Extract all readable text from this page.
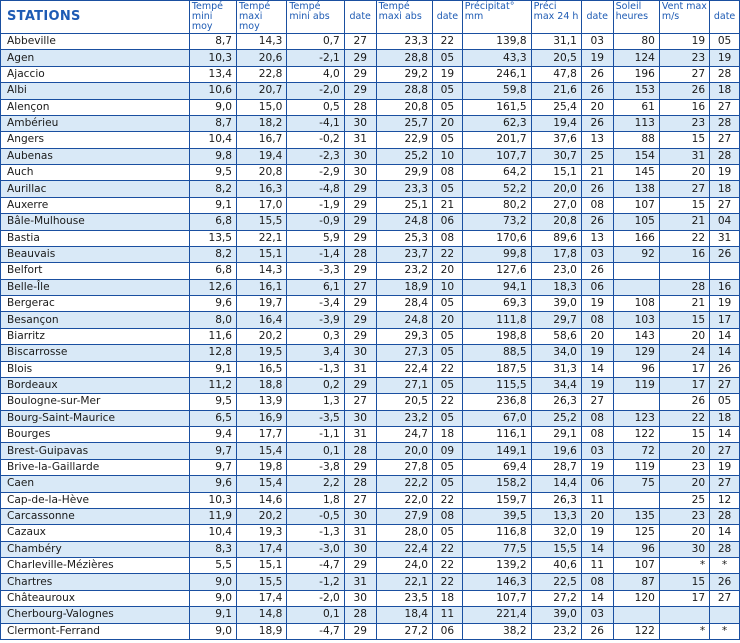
STATIONS	Tempé mini moy	Tempé maxi moy	Tempé mini abs	date	Tempé maxi abs	date	Précipitat° mm	Préci max 24 h	date	Soleil heures	Vent max m/s	date
Abbeville	8,7	14,3	0,7	27	23,3	22	139,8	31,1	03	80	19	05
Agen	10,3	20,6	-2,1	29	28,8	05	43,3	20,5	19	124	23	19
Ajaccio	13,4	22,8	4,0	29	29,2	19	246,1	47,8	26	196	27	28
Albi	10,6	20,7	-2,0	29	28,8	05	59,8	21,6	26	153	26	18
Alençon	9,0	15,0	0,5	28	20,8	05	161,5	25,4	20	61	16	27
Ambérieu	8,7	18,2	-4,1	30	25,7	20	62,3	19,4	26	113	23	28
Angers	10,4	16,7	-0,2	31	22,9	05	201,7	37,6	13	88	15	27
Aubenas	9,8	19,4	-2,3	30	25,2	10	107,7	30,7	25	154	31	28
Auch	9,5	20,8	-2,9	30	29,9	08	64,2	15,1	21	145	20	19
Aurillac	8,2	16,3	-4,8	29	23,3	05	52,2	20,0	26	138	27	18
Auxerre	9,1	17,0	-1,9	29	25,1	21	80,2	27,0	08	107	15	27
Bâle-Mulhouse	6,8	15,5	-0,9	29	24,8	06	73,2	20,8	26	105	21	04
Bastia	13,5	22,1	5,9	29	25,3	08	170,6	89,6	13	166	22	31
Beauvais	8,2	15,1	-1,4	28	23,7	22	99,8	17,8	03	92	16	26
Belfort	6,8	14,3	-3,3	29	23,2	20	127,6	23,0	26			
Belle-Île	12,6	16,1	6,1	27	18,9	10	94,1	18,3	06		28	16
Bergerac	9,6	19,7	-3,4	29	28,4	05	69,3	39,0	19	108	21	19
Besançon	8,0	16,4	-3,9	29	24,8	20	111,8	29,7	08	103	15	17
Biarritz	11,6	20,2	0,3	29	29,3	05	198,8	58,6	20	143	20	14
Biscarrosse	12,8	19,5	3,4	30	27,3	05	88,5	34,0	19	129	24	14
Blois	9,1	16,5	-1,3	31	22,4	22	187,5	31,3	14	96	17	26
Bordeaux	11,2	18,8	0,2	29	27,1	05	115,5	34,4	19	119	17	27
Boulogne-sur-Mer	9,5	13,9	1,3	27	20,5	22	236,8	26,3	27		26	05
Bourg-Saint-Maurice	6,5	16,9	-3,5	30	23,2	05	67,0	25,2	08	123	22	18
Bourges	9,4	17,7	-1,1	31	24,7	18	116,1	29,1	08	122	15	14
Brest-Guipavas	9,7	15,4	0,1	28	20,0	09	149,1	19,6	03	72	20	27
Brive-la-Gaillarde	9,7	19,8	-3,8	29	27,8	05	69,4	28,7	19	119	23	19
Caen	9,6	15,4	2,2	28	22,2	05	158,2	14,4	06	75	20	27
Cap-de-la-Hève	10,3	14,6	1,8	27	22,0	22	159,7	26,3	11		25	12
Carcassonne	11,9	20,2	-0,5	30	27,9	08	39,5	13,3	20	135	23	28
Cazaux	10,4	19,3	-1,3	31	28,0	05	116,8	32,0	19	125	20	14
Chambéry	8,3	17,4	-3,0	30	22,4	22	77,5	15,5	14	96	30	28
Charleville-Mézières	5,5	15,1	-4,7	29	24,0	22	139,2	40,6	11	107	*	*
Chartres	9,0	15,5	-1,2	31	22,1	22	146,3	22,5	08	87	15	26
Châteauroux	9,0	17,4	-2,0	30	23,5	18	107,7	27,2	14	120	17	27
Cherbourg-Valognes	9,1	14,8	0,1	28	18,4	11	221,4	39,0	03			
Clermont-Ferrand	9,0	18,9	-4,7	29	27,2	06	38,2	23,2	26	122	*	*
